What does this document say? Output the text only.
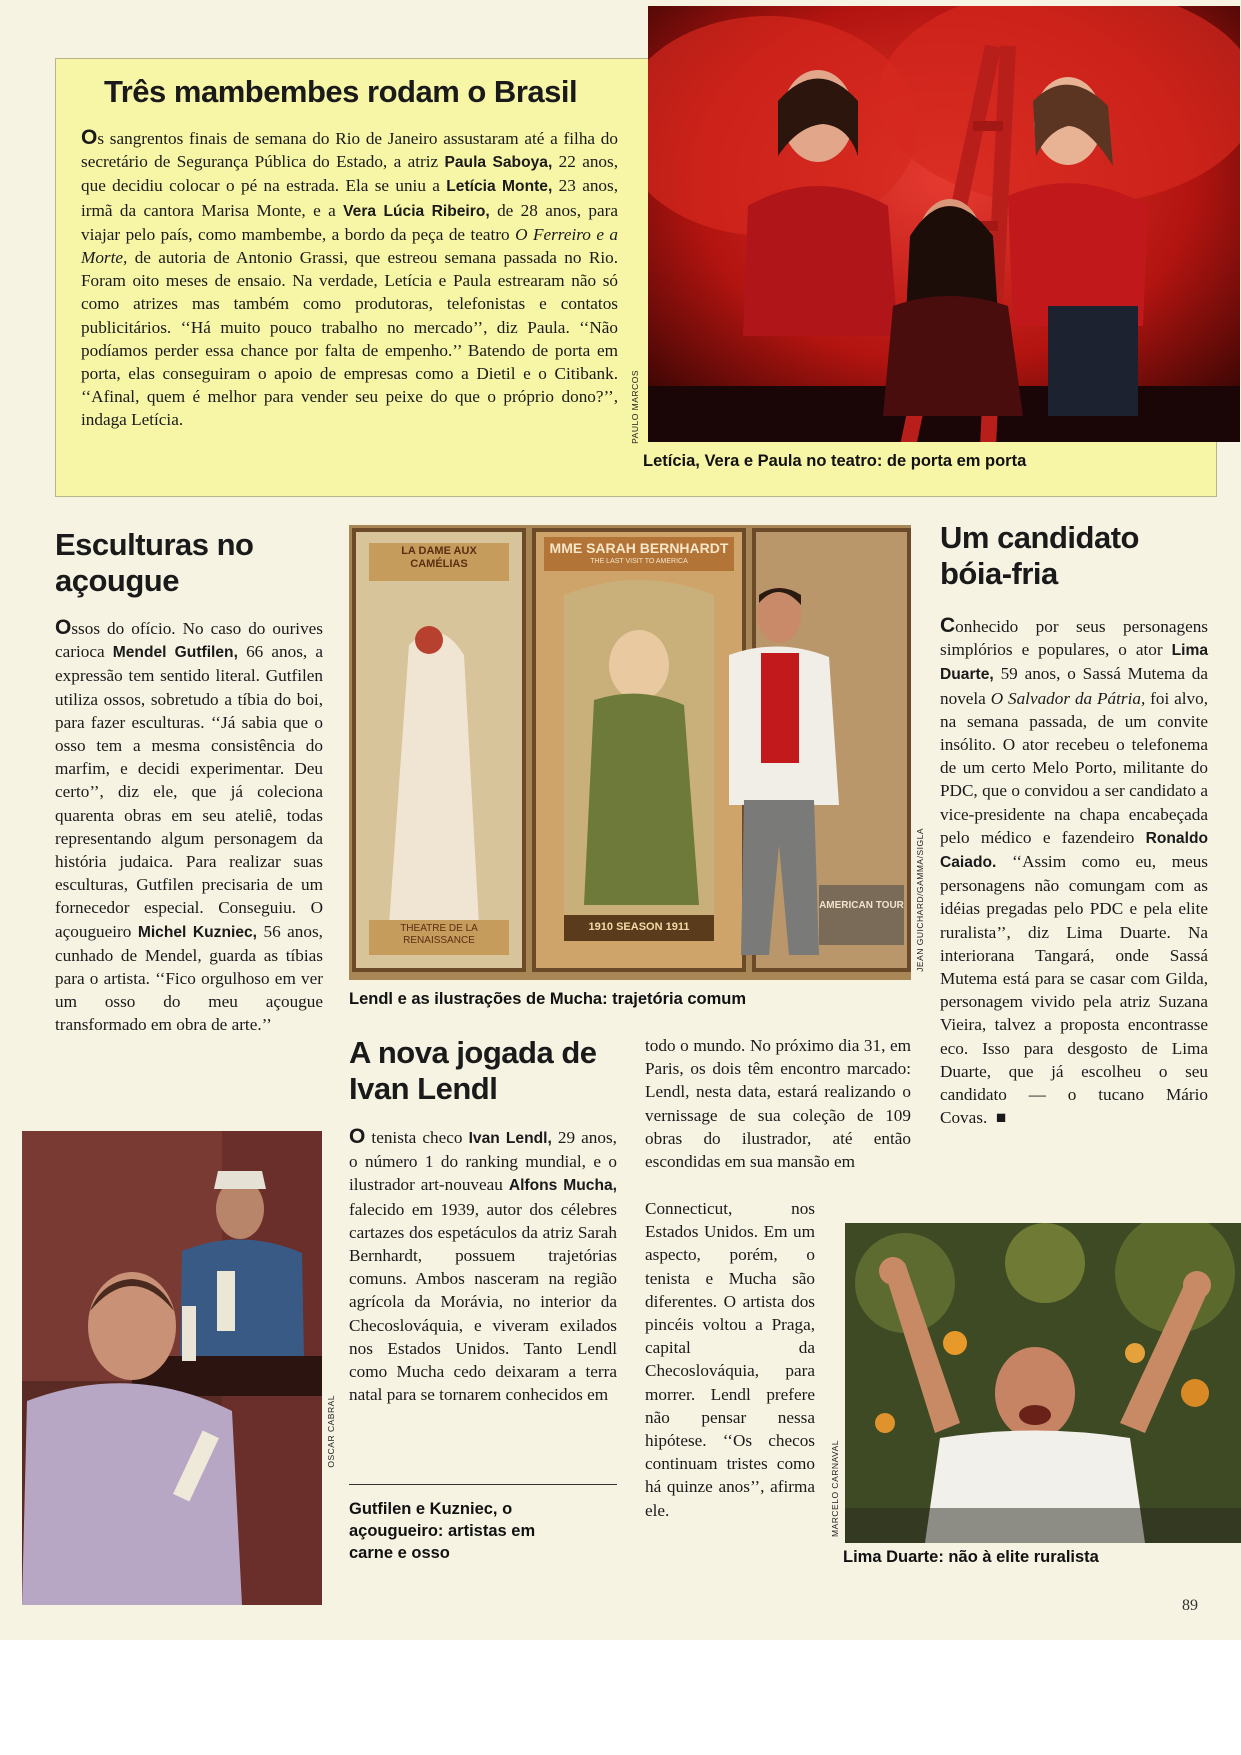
Três mambembes rodam o Brasil

Os sangrentos finais de semana do Rio de Janeiro assustaram até a filha do secretário de Segurança Pública do Estado, a atriz Paula Saboya, 22 anos, que decidiu colocar o pé na estrada. Ela se uniu a Letícia Monte, 23 anos, irmã da cantora Marisa Monte, e a Vera Lúcia Ribeiro, de 28 anos, para viajar pelo país, como mambembe, a bordo da peça de teatro O Ferreiro e a Morte, de autoria de Antonio Grassi, que estreou semana passada no Rio. Foram oito meses de ensaio. Na verdade, Letícia e Paula estrearam não só como atrizes mas também como produtoras, telefonistas e contatos publicitários. ‘‘Há muito pouco trabalho no mercado’’, diz Paula. ‘‘Não podíamos perder essa chance por falta de empenho.’’ Batendo de porta em porta, elas conseguiram o apoio de empresas como a Dietil e o Citibank. ‘‘Afinal, quem é melhor para vender seu peixe do que o próprio dono?’’, indaga Letícia.	PAULO MARCOS
Letícia, Vera e Paula no teatro: de porta em porta
Esculturas no açougue

Ossos do ofício. No caso do ourives carioca Mendel Gutfilen, 66 anos, a expressão tem sentido literal. Gutfilen utiliza ossos, sobretudo a tíbia do boi, para fazer esculturas. ‘‘Já sabia que o osso tem a mesma consistência do marfim, e decidi experimentar. Deu certo’’, diz ele, que já coleciona quarenta obras em seu ateliê, todas representando algum personagem da história judaica. Para realizar suas esculturas, Gutfilen precisaria de um fornecedor especial. Conseguiu. O açougueiro Michel Kuzniec, 56 anos, cunhado de Mendel, guarda as tíbias para o artista. ‘‘Fico orgulhoso em ver um osso do meu açougue transformado em obra de arte.’’

OSCAR CABRAL
LA DAME AUX CAMÉLIAS
THEATRE DE LA RENAISSANCE
MME SARAH BERNHARDT
THE LAST VISIT TO AMERICA
1910 SEASON 1911
AMERICAN TOUR JEAN GUICHARD/GAMMA/SIGLA
Lendl e as ilustrações de Mucha: trajetória comum
A nova jogada de Ivan Lendl

O tenista checo Ivan Lendl, 29 anos, o número 1 do ranking mundial, e o ilustrador art-nouveau Alfons Mucha, falecido em 1939, autor dos célebres cartazes dos espetáculos da atriz Sarah Bernhardt, possuem trajetórias comuns. Ambos nasceram na região agrícola da Morávia, no interior da Checoslováquia, e viveram exilados nos Estados Unidos. Tanto Lendl como Mucha cedo deixaram a terra natal para se tornarem conhecidos em

Gutfilen e Kuzniec, o açougueiro: artistas em carne e osso

todo o mundo. No próximo dia 31, em Paris, os dois têm encontro marcado: Lendl, nesta data, estará realizando o vernissage de sua coleção de 109 obras do ilustrador, até então escondidas em sua mansão em

Connecticut, nos Estados Unidos. Em um aspecto, porém, o tenista e Mucha são diferentes. O artista dos pincéis voltou a Praga, capital da Checoslováquia, para morrer. Lendl prefere não pensar nessa hipótese. ‘‘Os checos continuam tristes como há quinze anos’’, afirma ele.	MARCELO CARNAVAL
Um candidato bóia-fria

Conhecido por seus personagens simplórios e populares, o ator Lima Duarte, 59 anos, o Sassá Mutema da novela O Salvador da Pátria, foi alvo, na semana passada, de um convite insólito. O ator recebeu o telefonema de um certo Melo Porto, militante do PDC, que o convidou a ser candidato a vice-presidente na chapa encabeçada pelo médico e fazendeiro Ronaldo Caiado. ‘‘Assim como eu, meus personagens não comungam com as idéias pregadas pelo PDC e pela elite ruralista’’, diz Lima Duarte. Na interiorana Tangará, onde Sassá Mutema está para se casar com Gilda, personagem vivido pela atriz Suzana Vieira, talvez a proposta encontrasse eco. Isso para desgosto de Lima Duarte, que já escolheu o seu candidato — o tucano Mário Covas. ■

Lima Duarte: não à elite ruralista
89
